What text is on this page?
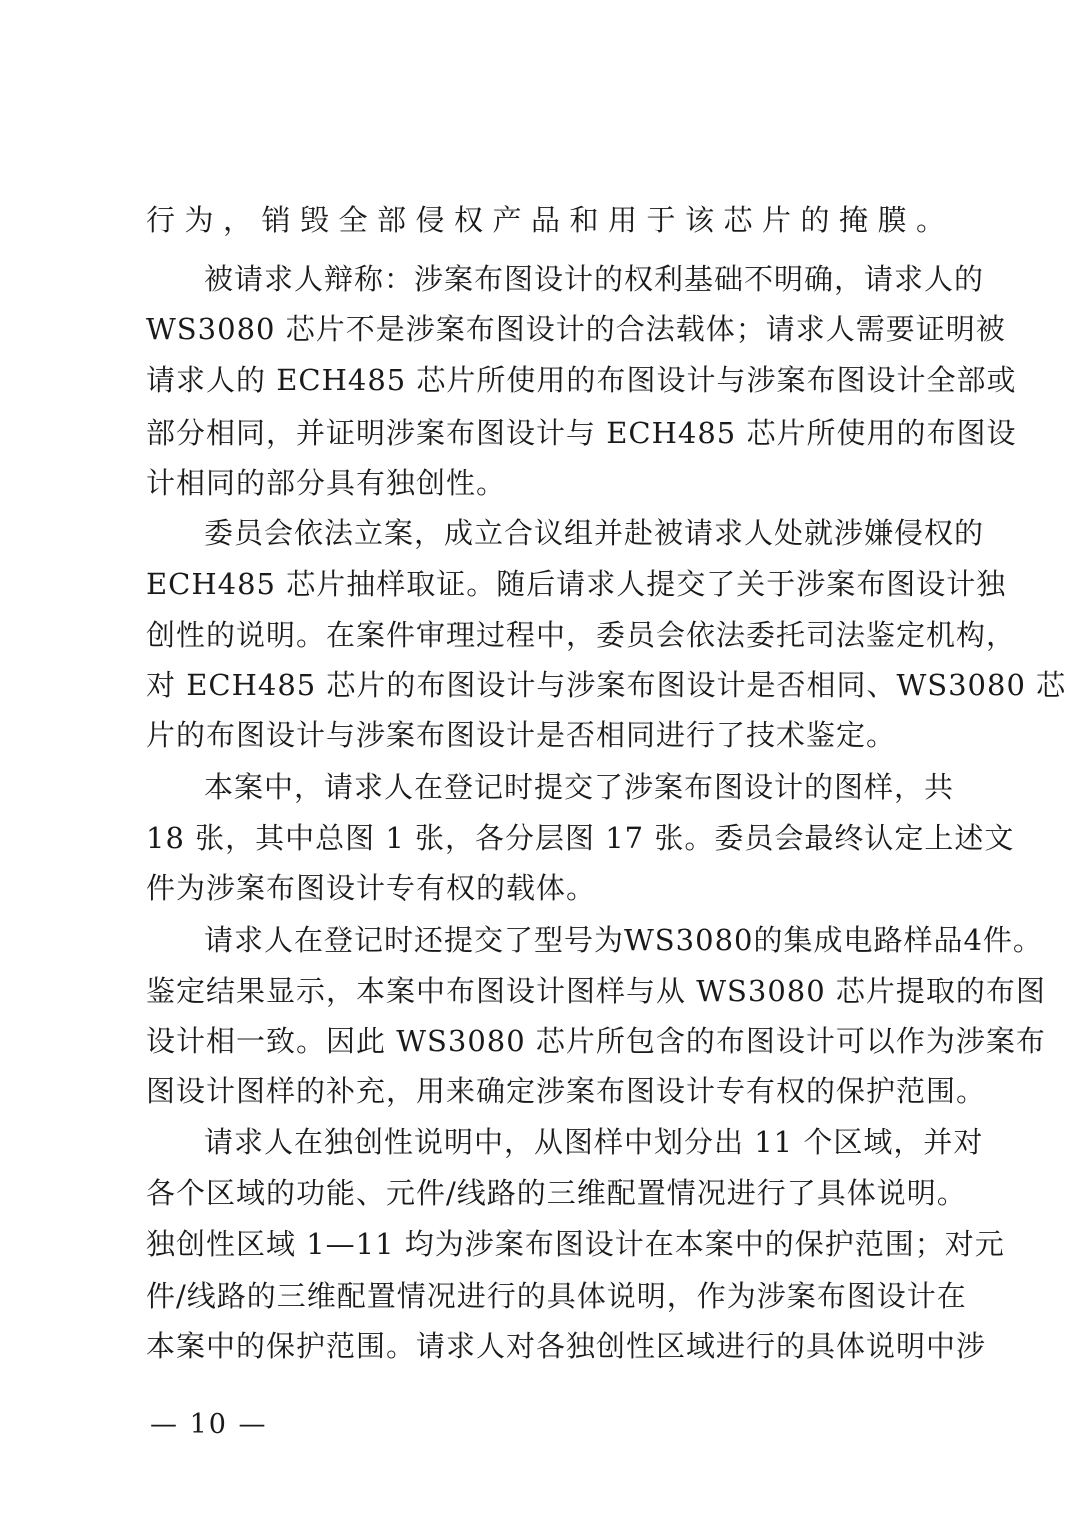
行为，销毁全部侵权产品和用于该芯片的掩膜。
被请求人辩称：涉案布图设计的权利基础不明确，请求人的
WS3080 芯片不是涉案布图设计的合法载体；请求人需要证明被
请求人的 ECH485 芯片所使用的布图设计与涉案布图设计全部或
部分相同，并证明涉案布图设计与 ECH485 芯片所使用的布图设
计相同的部分具有独创性。
委员会依法立案，成立合议组并赴被请求人处就涉嫌侵权的
ECH485 芯片抽样取证。随后请求人提交了关于涉案布图设计独
创性的说明。在案件审理过程中，委员会依法委托司法鉴定机构，
对 ECH485 芯片的布图设计与涉案布图设计是否相同、WS3080 芯
片的布图设计与涉案布图设计是否相同进行了技术鉴定。
本案中，请求人在登记时提交了涉案布图设计的图样，共
18 张，其中总图 1 张，各分层图 17 张。委员会最终认定上述文
件为涉案布图设计专有权的载体。
请求人在登记时还提交了型号为WS3080的集成电路样品4件。
鉴定结果显示，本案中布图设计图样与从 WS3080 芯片提取的布图
设计相一致。因此 WS3080 芯片所包含的布图设计可以作为涉案布
图设计图样的补充，用来确定涉案布图设计专有权的保护范围。
请求人在独创性说明中，从图样中划分出 11 个区域，并对
各个区域的功能、元件/线路的三维配置情况进行了具体说明。
独创性区域 1—11 均为涉案布图设计在本案中的保护范围；对元
件/线路的三维配置情况进行的具体说明，作为涉案布图设计在
本案中的保护范围。请求人对各独创性区域进行的具体说明中涉
— 10 —
